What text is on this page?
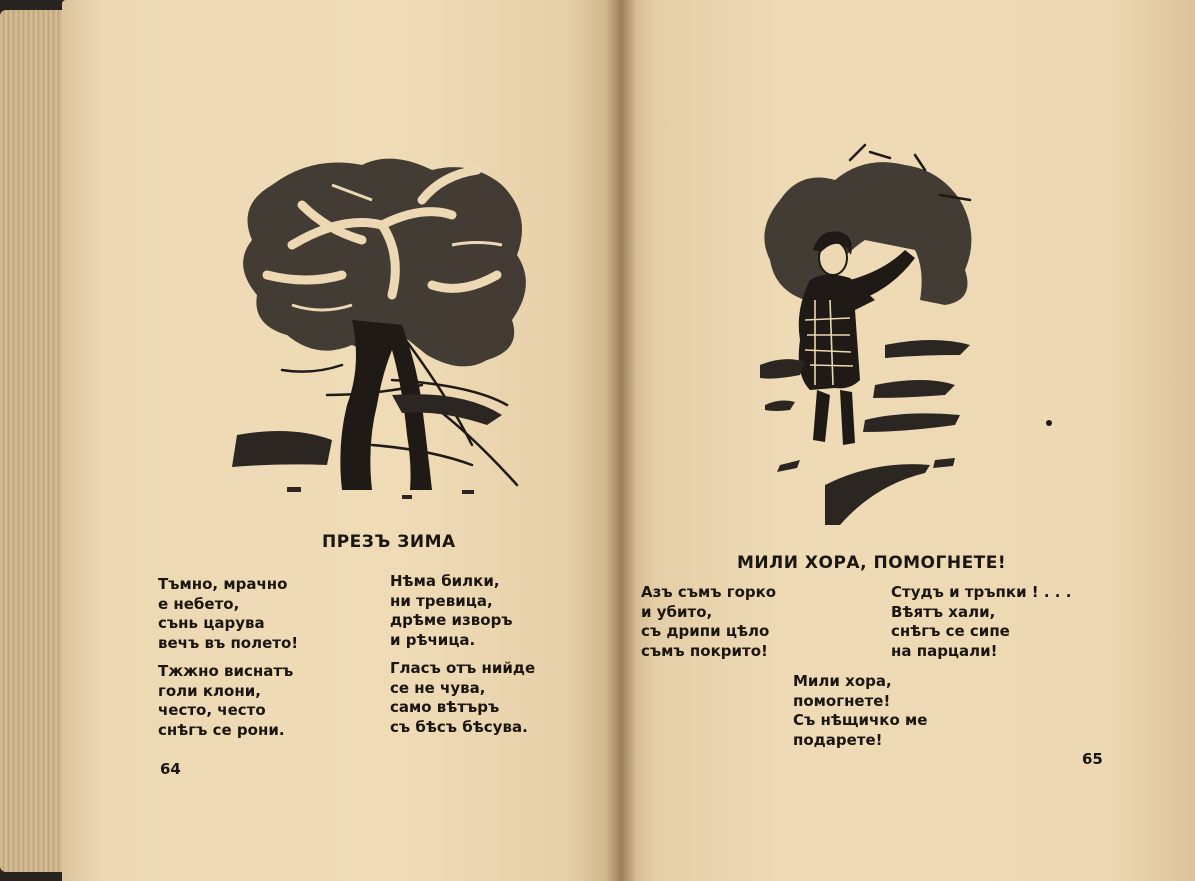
ПРЕЗЪ ЗИМА
Тъмно, мрачно
е небето,
сънь царува
вечъ въ полето!
Нѣма билки,
ни тревица,
дрѣме изворъ
и рѣчица.
Тжжно виснатъ
голи клони,
често, често
снѣгъ се рони.
Гласъ отъ нийде
се не чува,
само вѣтъръ
съ бѣсъ бѣсува.
64
МИЛИ ХОРА, ПОМОГНЕТЕ!
Азъ съмъ горко
и убито,
съ дрипи цѣло
съмъ покрито!
Студъ и тръпки ! . . .
Вѣятъ хали,
снѣгъ се сипе
на парцали!
Мили хора,
помогнете!
Съ нѣщичко ме
подарете!
65
